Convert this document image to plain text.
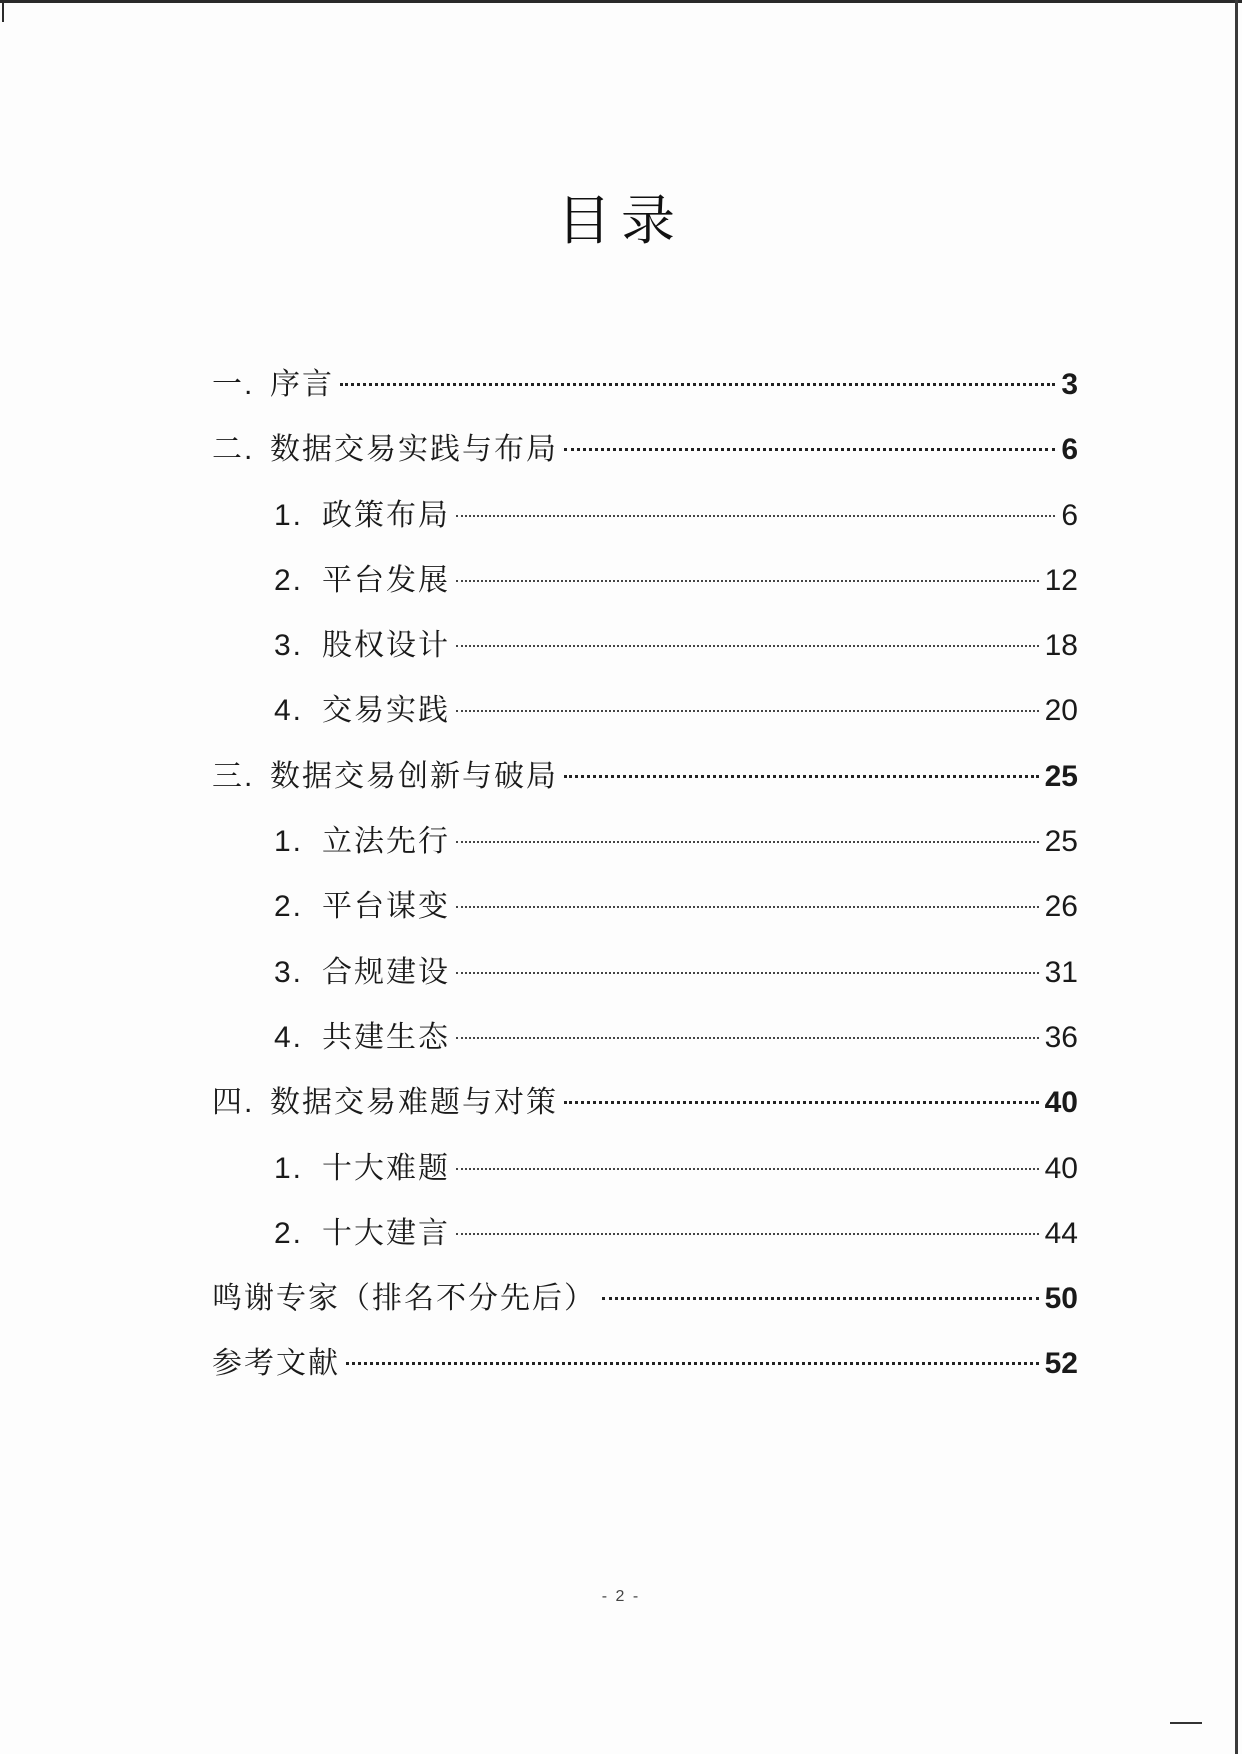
目录
一. 序言	3
二. 数据交易实践与布局	6
1. 政策布局	6
2. 平台发展	12
3. 股权设计	18
4. 交易实践	20
三. 数据交易创新与破局	25
1. 立法先行	25
2. 平台谋变	26
3. 合规建设	31
4. 共建生态	36
四. 数据交易难题与对策	40
1. 十大难题	40
2. 十大建言	44
鸣谢专家（排名不分先后）	50
参考文献	52
- 2 -
